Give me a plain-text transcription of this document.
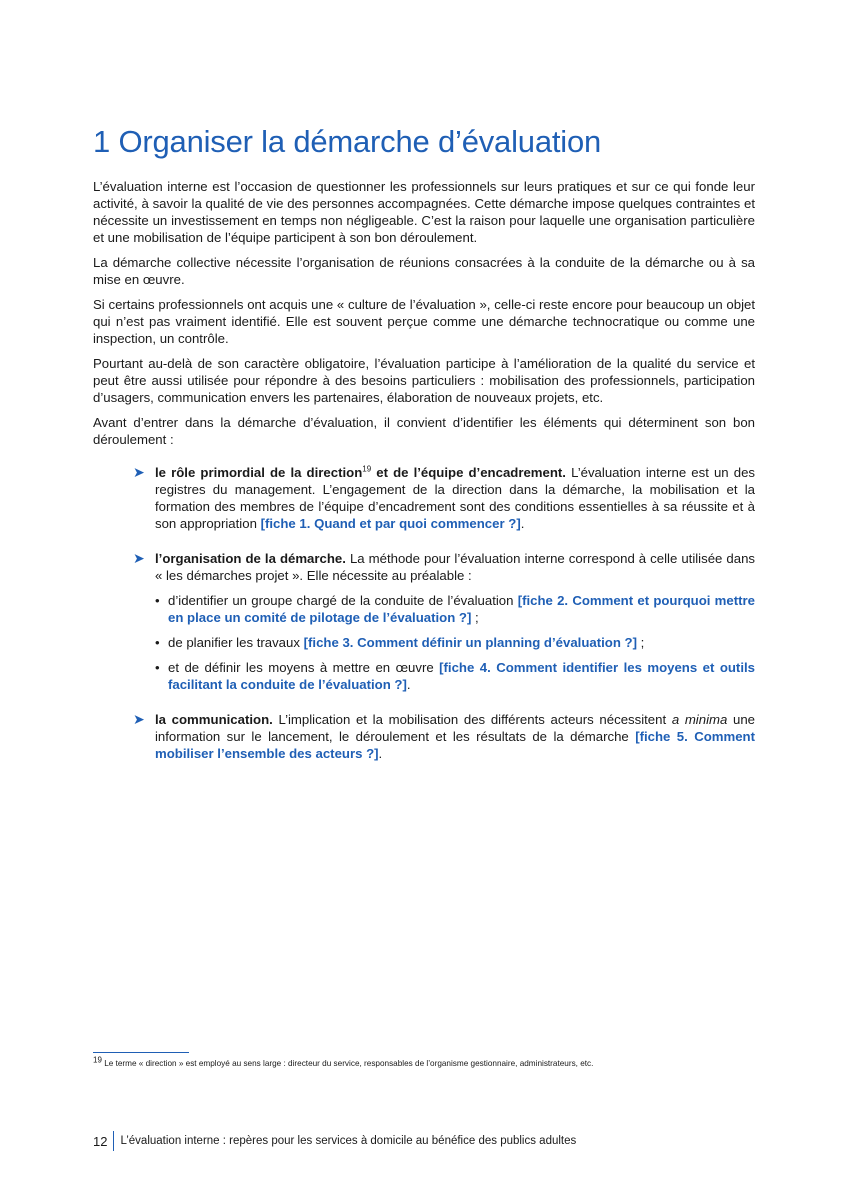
1 Organiser la démarche d’évaluation

L’évaluation interne est l’occasion de questionner les professionnels sur leurs pratiques et sur ce qui fonde leur activité, à savoir la qualité de vie des personnes accompagnées. Cette démarche impose quelques contraintes et nécessite un investissement en temps non négligeable. C’est la raison pour laquelle une organisation particulière et une mobilisation de l’équipe participent à son bon déroulement.

La démarche collective nécessite l’organisation de réunions consacrées à la conduite de la démarche ou à sa mise en œuvre.

Si certains professionnels ont acquis une « culture de l’évaluation », celle-ci reste encore pour beaucoup un objet qui n’est pas vraiment identifié. Elle est souvent perçue comme une démarche technocratique ou comme une inspection, un contrôle.

Pourtant au-delà de son caractère obligatoire, l’évaluation participe à l’amélioration de la qualité du service et peut être aussi utilisée pour répondre à des besoins particuliers : mobilisation des professionnels, participation d’usagers, communication envers les partenaires, élaboration de nouveaux projets, etc.

Avant d’entrer dans la démarche d’évaluation, il convient d’identifier les éléments qui déterminent son bon déroulement :

➤ le rôle primordial de la direction$^{19}$ et de l’équipe d’encadrement. L’évaluation interne est un des registres du management. L’engagement de la direction dans la démarche, la mobilisation et la formation des membres de l’équipe d’encadrement sont des conditions essentielles à sa réussite et à son appropriation [fiche 1. Quand et par quoi commencer ?].
➤ l’organisation de la démarche. La méthode pour l’évaluation interne correspond à celle utilisée dans « les démarches projet ». Elle nécessite au préalable :
• d’identifier un groupe chargé de la conduite de l’évaluation [fiche 2. Comment et pourquoi mettre en place un comité de pilotage de l’évaluation ?] ;
• de planifier les travaux [fiche 3. Comment définir un planning d’évaluation ?] ;
• et de définir les moyens à mettre en œuvre [fiche 4. Comment identifier les moyens et outils facilitant la conduite de l’évaluation ?].
➤ la communication. L’implication et la mobilisation des différents acteurs nécessitent a minima une information sur le lancement, le déroulement et les résultats de la démarche [fiche 5. Comment mobiliser l’ensemble des acteurs ?].
$^{19}$ Le terme « direction » est employé au sens large : directeur du service, responsables de l’organisme gestionnaire, administrateurs, etc.
12 L’évaluation interne : repères pour les services à domicile au bénéfice des publics adultes
